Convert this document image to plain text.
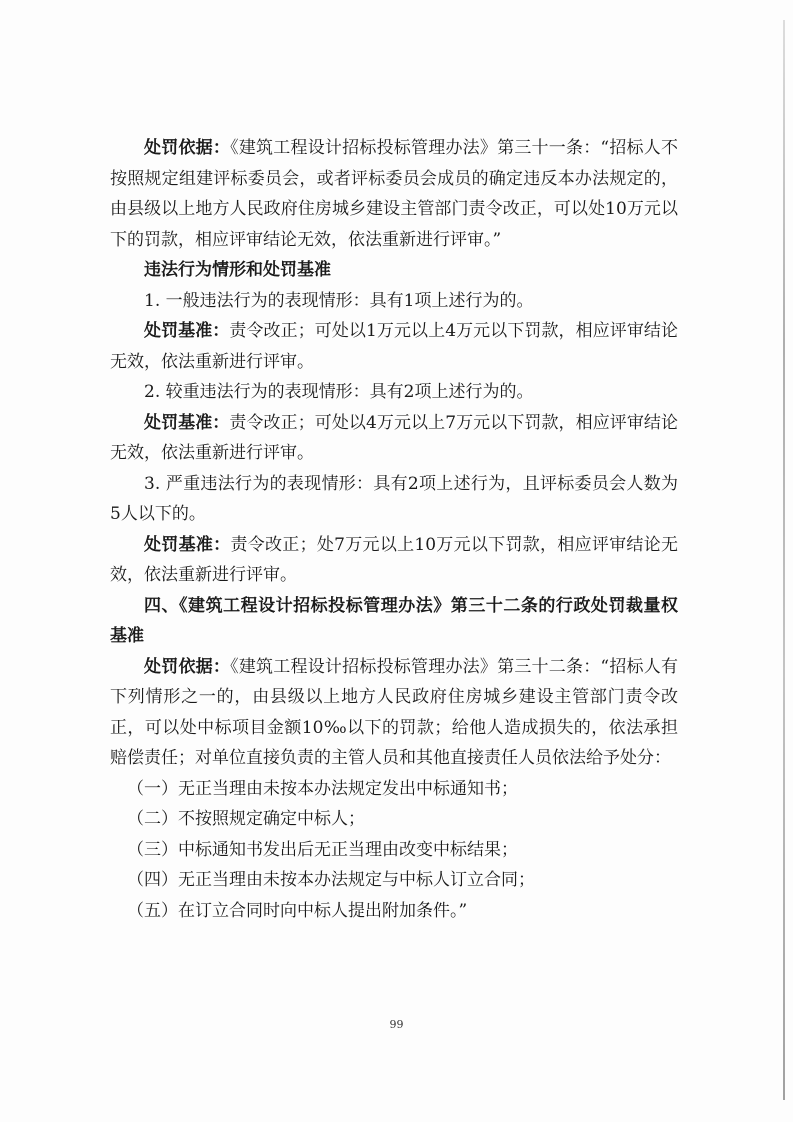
处罚依据：《建筑工程设计招标投标管理办法》第三十一条：“招标人不按照规定组建评标委员会，或者评标委员会成员的确定违反本办法规定的，由县级以上地方人民政府住房城乡建设主管部门责令改正，可以处10万元以下的罚款，相应评审结论无效，依法重新进行评审。”

违法行为情形和处罚基准

1. 一般违法行为的表现情形：具有1项上述行为的。

处罚基准：责令改正；可处以1万元以上4万元以下罚款，相应评审结论无效，依法重新进行评审。

2. 较重违法行为的表现情形：具有2项上述行为的。

处罚基准：责令改正；可处以4万元以上7万元以下罚款，相应评审结论无效，依法重新进行评审。

3. 严重违法行为的表现情形：具有2项上述行为，且评标委员会人数为5人以下的。

处罚基准：责令改正；处7万元以上10万元以下罚款，相应评审结论无效，依法重新进行评审。

四、《建筑工程设计招标投标管理办法》第三十二条的行政处罚裁量权基准

处罚依据：《建筑工程设计招标投标管理办法》第三十二条：“招标人有下列情形之一的，由县级以上地方人民政府住房城乡建设主管部门责令改正，可以处中标项目金额10‰以下的罚款；给他人造成损失的，依法承担赔偿责任；对单位直接负责的主管人员和其他直接责任人员依法给予处分：

（一）无正当理由未按本办法规定发出中标通知书；

（二）不按照规定确定中标人；

（三）中标通知书发出后无正当理由改变中标结果；

（四）无正当理由未按本办法规定与中标人订立合同；

（五）在订立合同时向中标人提出附加条件。”

99
